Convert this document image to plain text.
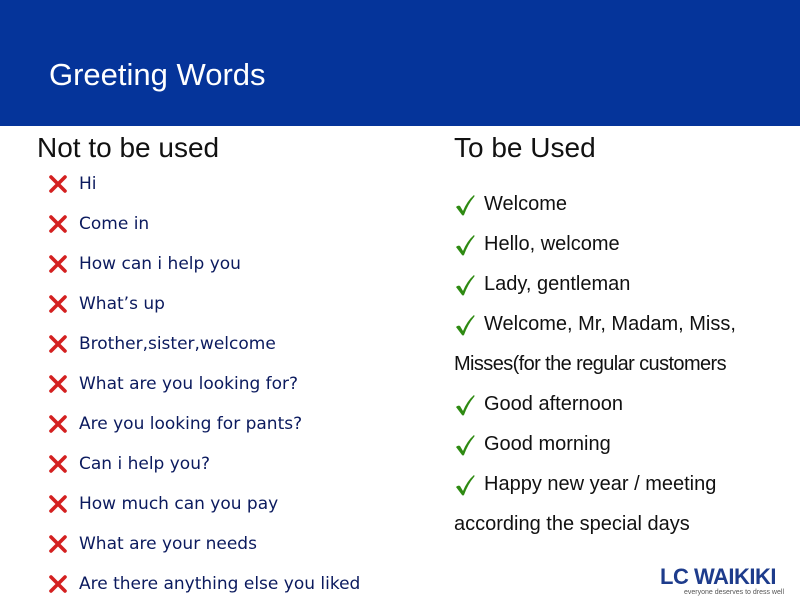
Greeting Words
Not to be used	To be Used
Hi
Come in
How can i help you
What’s up
Brother,sister,welcome
What are you looking for?
Are you looking for pants?
Can i help you?
How much can you pay
What are your needs
Are there anything else you liked
Welcome
Hello, welcome
Lady, gentleman
Welcome, Mr, Madam, Miss,
Misses(for the regular customers
Good afternoon
Good morning
Happy new year / meeting
according the special days
LC WAIKIKI
everyone deserves to dress well
